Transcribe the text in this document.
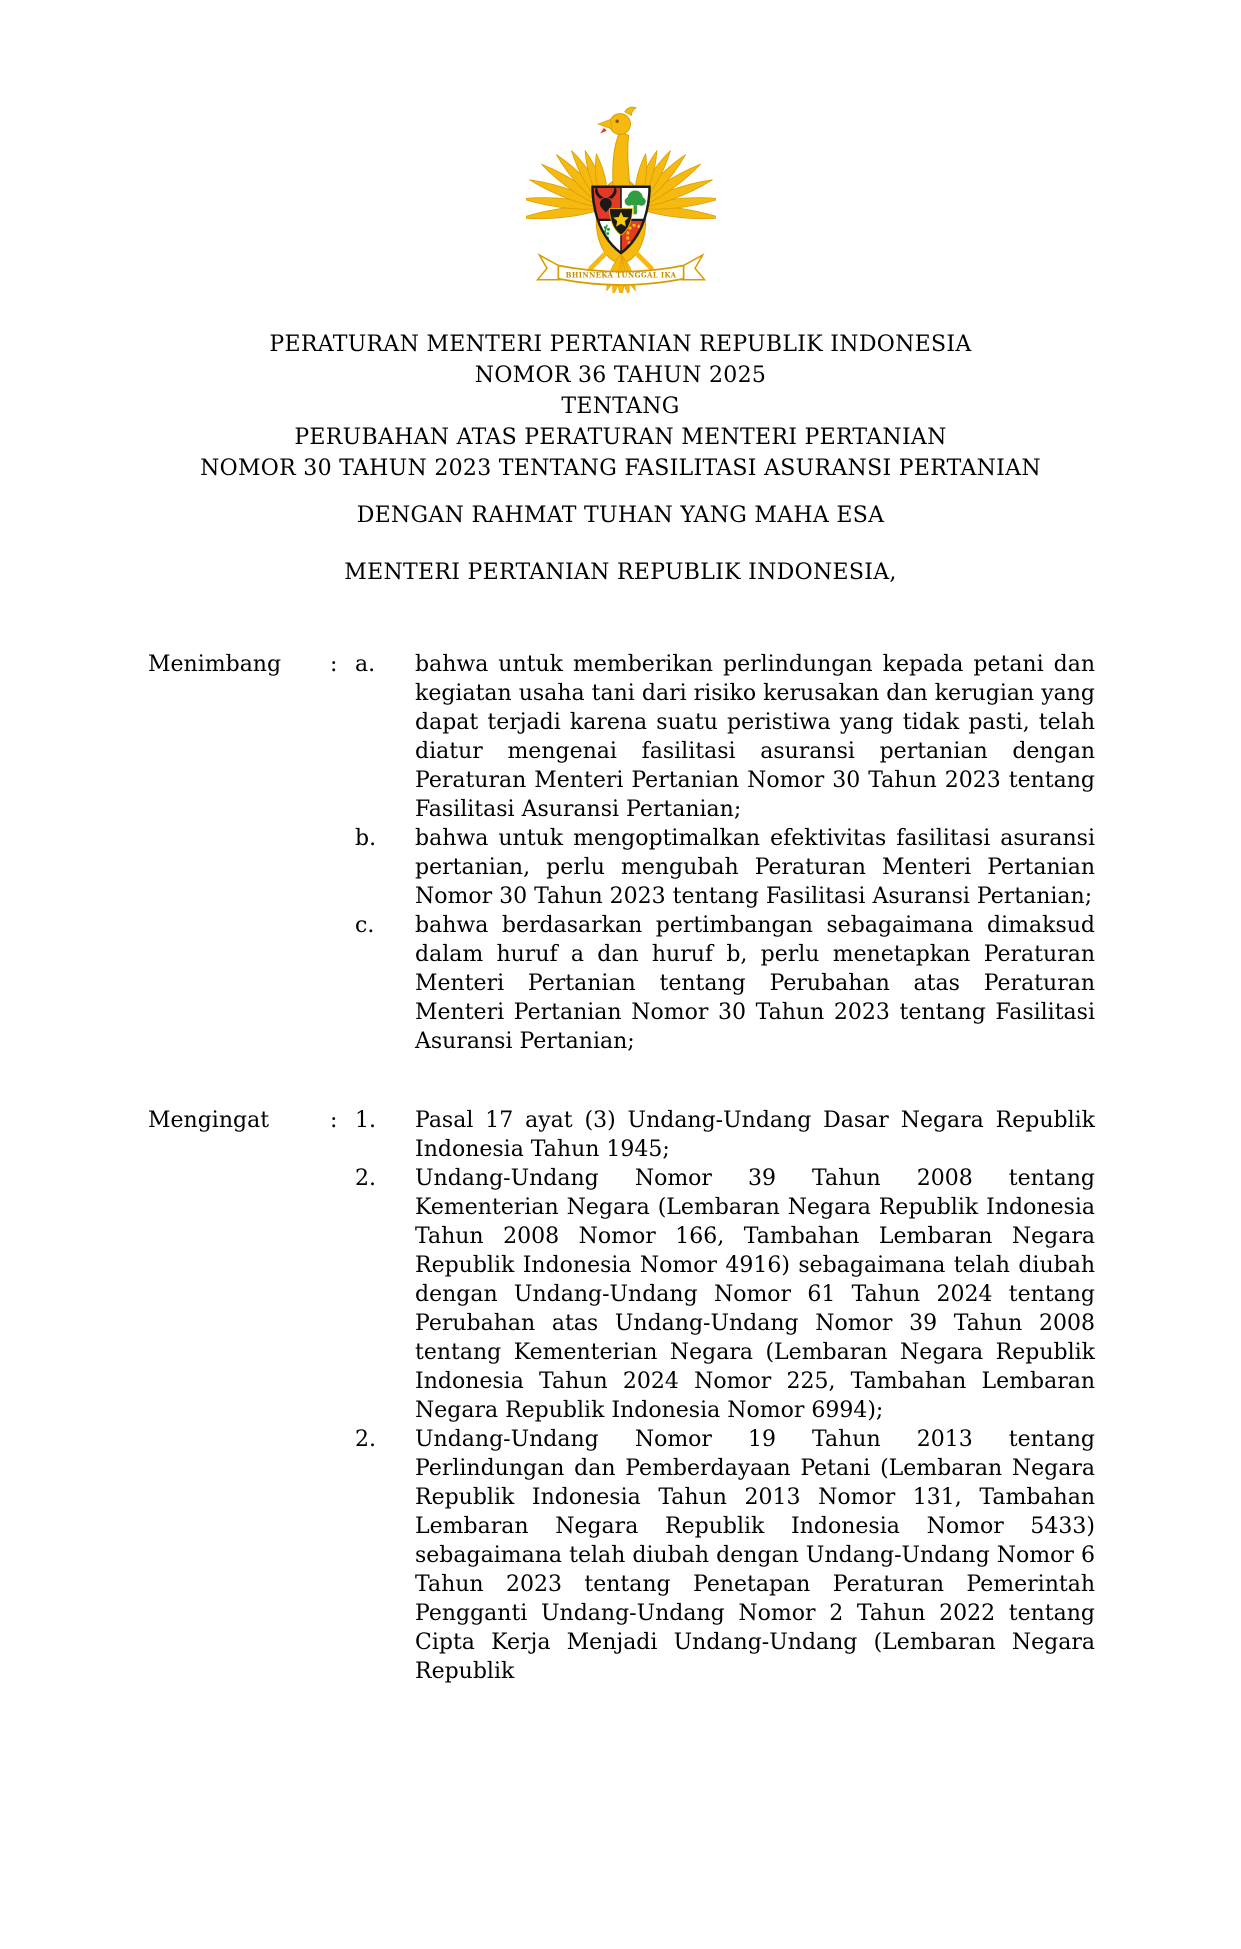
BHINNEKA TUNGGAL IKA
PERATURAN MENTERI PERTANIAN REPUBLIK INDONESIA
NOMOR 36 TAHUN 2025
TENTANG
PERUBAHAN ATAS PERATURAN MENTERI PERTANIAN
NOMOR 30 TAHUN 2023 TENTANG FASILITASI ASURANSI PERTANIAN
DENGAN RAHMAT TUHAN YANG MAHA ESA
MENTERI PERTANIAN REPUBLIK INDONESIA,
Menimbang	: a.	bahwa untuk memberikan perlindungan kepada petani dan kegiatan usaha tani dari risiko kerusakan dan kerugian yang dapat terjadi karena suatu peristiwa yang tidak pasti, telah diatur mengenai fasilitasi asuransi pertanian dengan Peraturan Menteri Pertanian Nomor 30 Tahun 2023 tentang Fasilitasi Asuransi Pertanian;

b.	bahwa untuk mengoptimalkan efektivitas fasilitasi asuransi pertanian, perlu mengubah Peraturan Menteri Pertanian Nomor 30 Tahun 2023 tentang Fasilitasi Asuransi Pertanian;

c.	bahwa berdasarkan pertimbangan sebagaimana dimaksud dalam huruf a dan huruf b, perlu menetapkan Peraturan Menteri Pertanian tentang Perubahan atas Peraturan Menteri Pertanian Nomor 30 Tahun 2023 tentang Fasilitasi Asuransi Pertanian;

Mengingat	: 1.	Pasal 17 ayat (3) Undang-Undang Dasar Negara Republik Indonesia Tahun 1945;

2.	Undang-Undang Nomor 39 Tahun 2008 tentang Kementerian Negara (Lembaran Negara Republik Indonesia Tahun 2008 Nomor 166, Tambahan Lembaran Negara Republik Indonesia Nomor 4916) sebagaimana telah diubah dengan Undang-Undang Nomor 61 Tahun 2024 tentang Perubahan atas Undang-Undang Nomor 39 Tahun 2008 tentang Kementerian Negara (Lembaran Negara Republik Indonesia Tahun 2024 Nomor 225, Tambahan Lembaran Negara Republik Indonesia Nomor 6994);

2.	Undang-Undang Nomor 19 Tahun 2013 tentang Perlindungan dan Pemberdayaan Petani (Lembaran Negara Republik Indonesia Tahun 2013 Nomor 131, Tambahan Lembaran Negara Republik Indonesia Nomor 5433) sebagaimana telah diubah dengan Undang-Undang Nomor 6 Tahun 2023 tentang Penetapan Peraturan Pemerintah Pengganti Undang-Undang Nomor 2 Tahun 2022 tentang Cipta Kerja Menjadi Undang-Undang (Lembaran Negara Republik
